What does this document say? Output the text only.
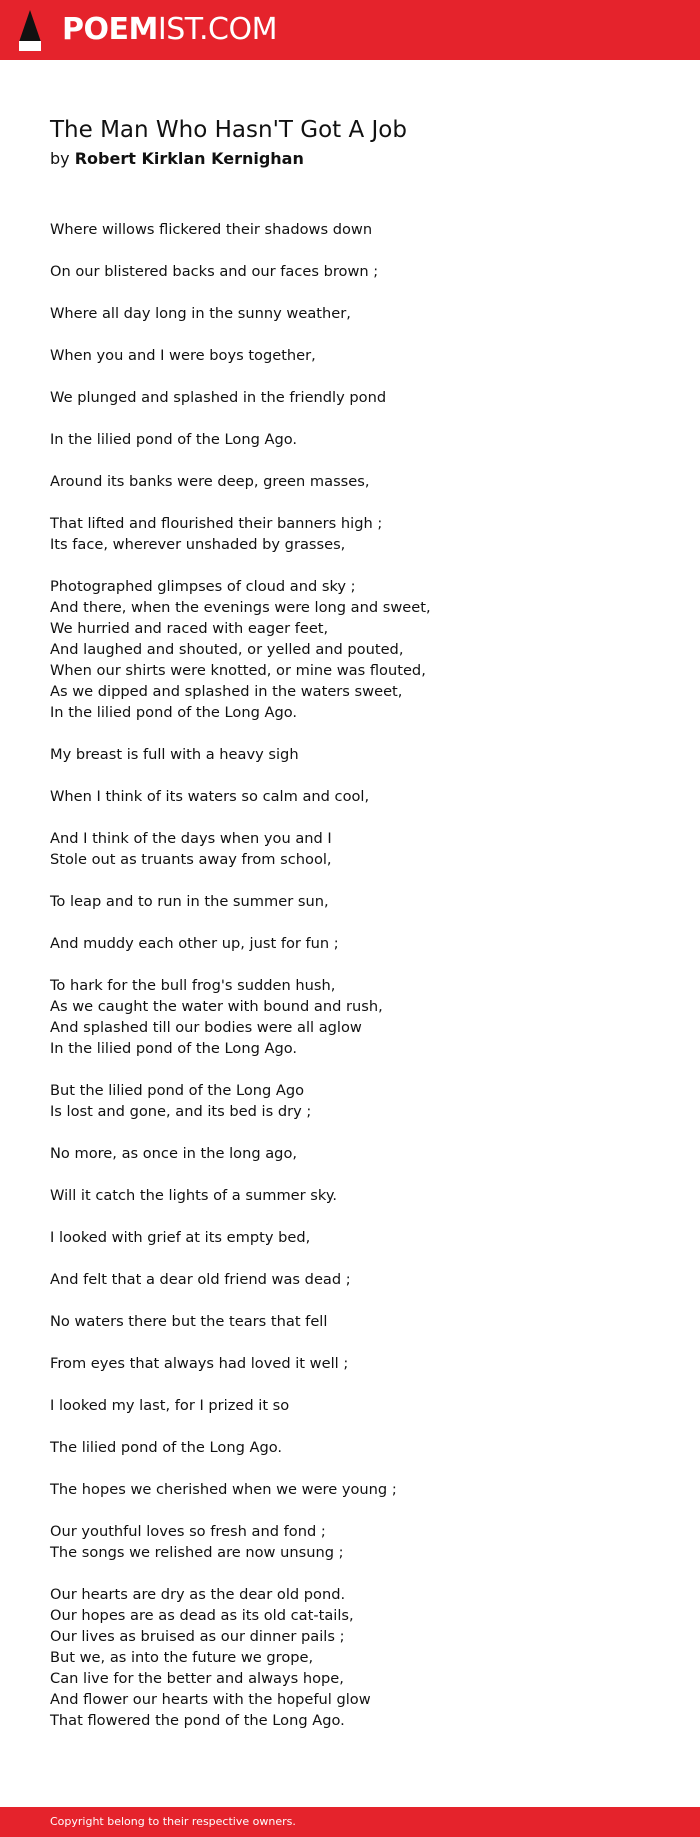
POEMIST.COM
The Man Who Hasn'T Got A Job
by Robert Kirklan Kernighan
Where willows flickered their shadows down
On our blistered backs and our faces brown ;
Where all day long in the sunny weather,
When you and I were boys together,
We plunged and splashed in the friendly pond
In the lilied pond of the Long Ago.
Around its banks were deep, green masses,
That lifted and flourished their banners high ;
Its face, wherever unshaded by grasses,
Photographed glimpses of cloud and sky ;
And there, when the evenings were long and sweet,
We hurried and raced with eager feet,
And laughed and shouted, or yelled and pouted,
When our shirts were knotted, or mine was flouted,
As we dipped and splashed in the waters sweet,
In the lilied pond of the Long Ago.
My breast is full with a heavy sigh
When I think of its waters so calm and cool,
And I think of the days when you and I
Stole out as truants away from school,
To leap and to run in the summer sun,
And muddy each other up, just for fun ;
To hark for the bull frog's sudden hush,
As we caught the water with bound and rush,
And splashed till our bodies were all aglow
In the lilied pond of the Long Ago.
But the lilied pond of the Long Ago
Is lost and gone, and its bed is dry ;
No more, as once in the long ago,
Will it catch the lights of a summer sky.
I looked with grief at its empty bed,
And felt that a dear old friend was dead ;
No waters there but the tears that fell
From eyes that always had loved it well ;
I looked my last, for I prized it so
The lilied pond of the Long Ago.
The hopes we cherished when we were young ;
Our youthful loves so fresh and fond ;
The songs we relished are now unsung ;
Our hearts are dry as the dear old pond.
Our hopes are as dead as its old cat-tails,
Our lives as bruised as our dinner pails ;
But we, as into the future we grope,
Can live for the better and always hope,
And flower our hearts with the hopeful glow
That flowered the pond of the Long Ago.
Copyright belong to their respective owners.
